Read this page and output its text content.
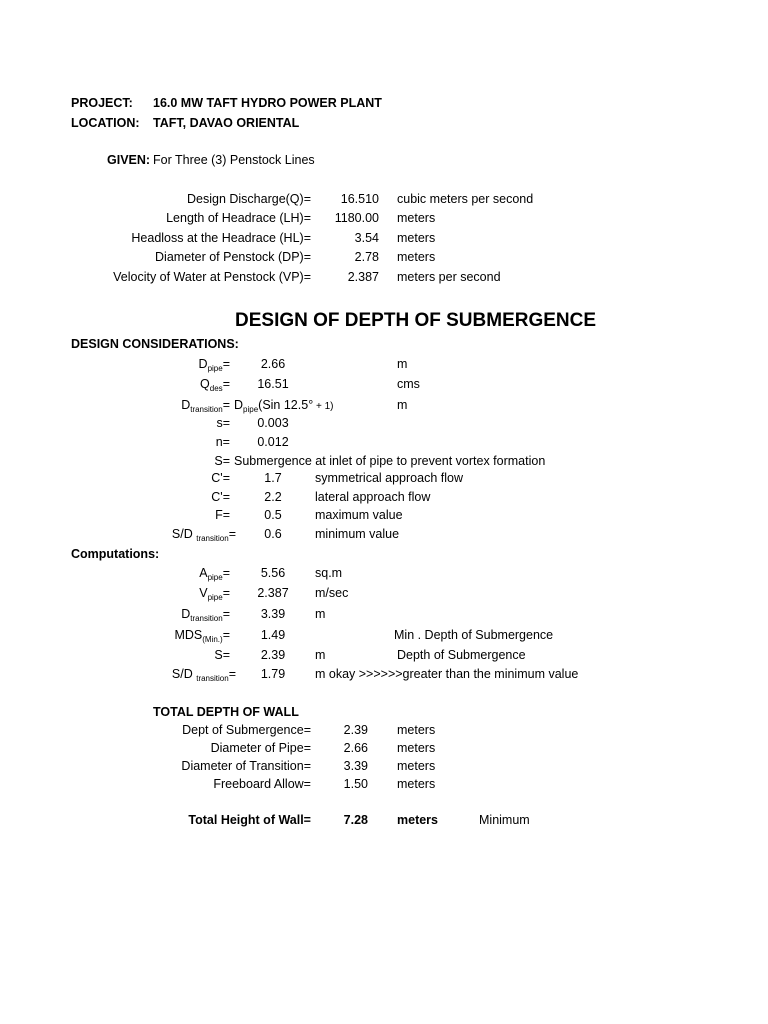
PROJECT: 16.0 MW TAFT HYDRO POWER PLANT
LOCATION: TAFT, DAVAO ORIENTAL
GIVEN: For Three (3) Penstock Lines
Design Discharge(Q)= 16.510 cubic meters per second
Length of Headrace (LH)= 1180.00 meters
Headloss at the Headrace (HL)=	3.54 meters
Diameter of Penstock (DP)=	2.78 meters
Velocity of Water at Penstock (VP)=	2.387 meters per second
DESIGN OF DEPTH OF SUBMERGENCE
DESIGN CONSIDERATIONS:
$D_{pipe}=$	2.66	m
$Q_{des}=$	16.51	cms
$D_{transition}= D_{pipe}(Sin$ 12.5° + 1)	m
s=	0.003
n=	0.012
S= Submergence at inlet of pipe to prevent vortex formation
C'=	1.7	symmetrical approach flow
C'=	2.2	lateral approach flow
F=	0.5	maximum value
S/D $_{transition}$=	0.6	minimum value
Computations:
$A_{pipe}=$	5.56	sq.m
$V_{pipe}=$	2.387	m/sec
$D_{transition}=$	3.39	m
$MDS_{(Min.)}=$	1.49	Min . Depth of Submergence
S=	2.39	m	Depth of Submergence
S/D $_{transition}$=	1.79	m okay >>>>>>greater than the minimum value
TOTAL DEPTH OF WALL
Dept of Submergence=	2.39 meters
Diameter of Pipe=	2.66 meters
Diameter of Transition=	3.39 meters
Freeboard Allow=	1.50 meters
Total Height of Wall=	7.28 meters	Minimum
